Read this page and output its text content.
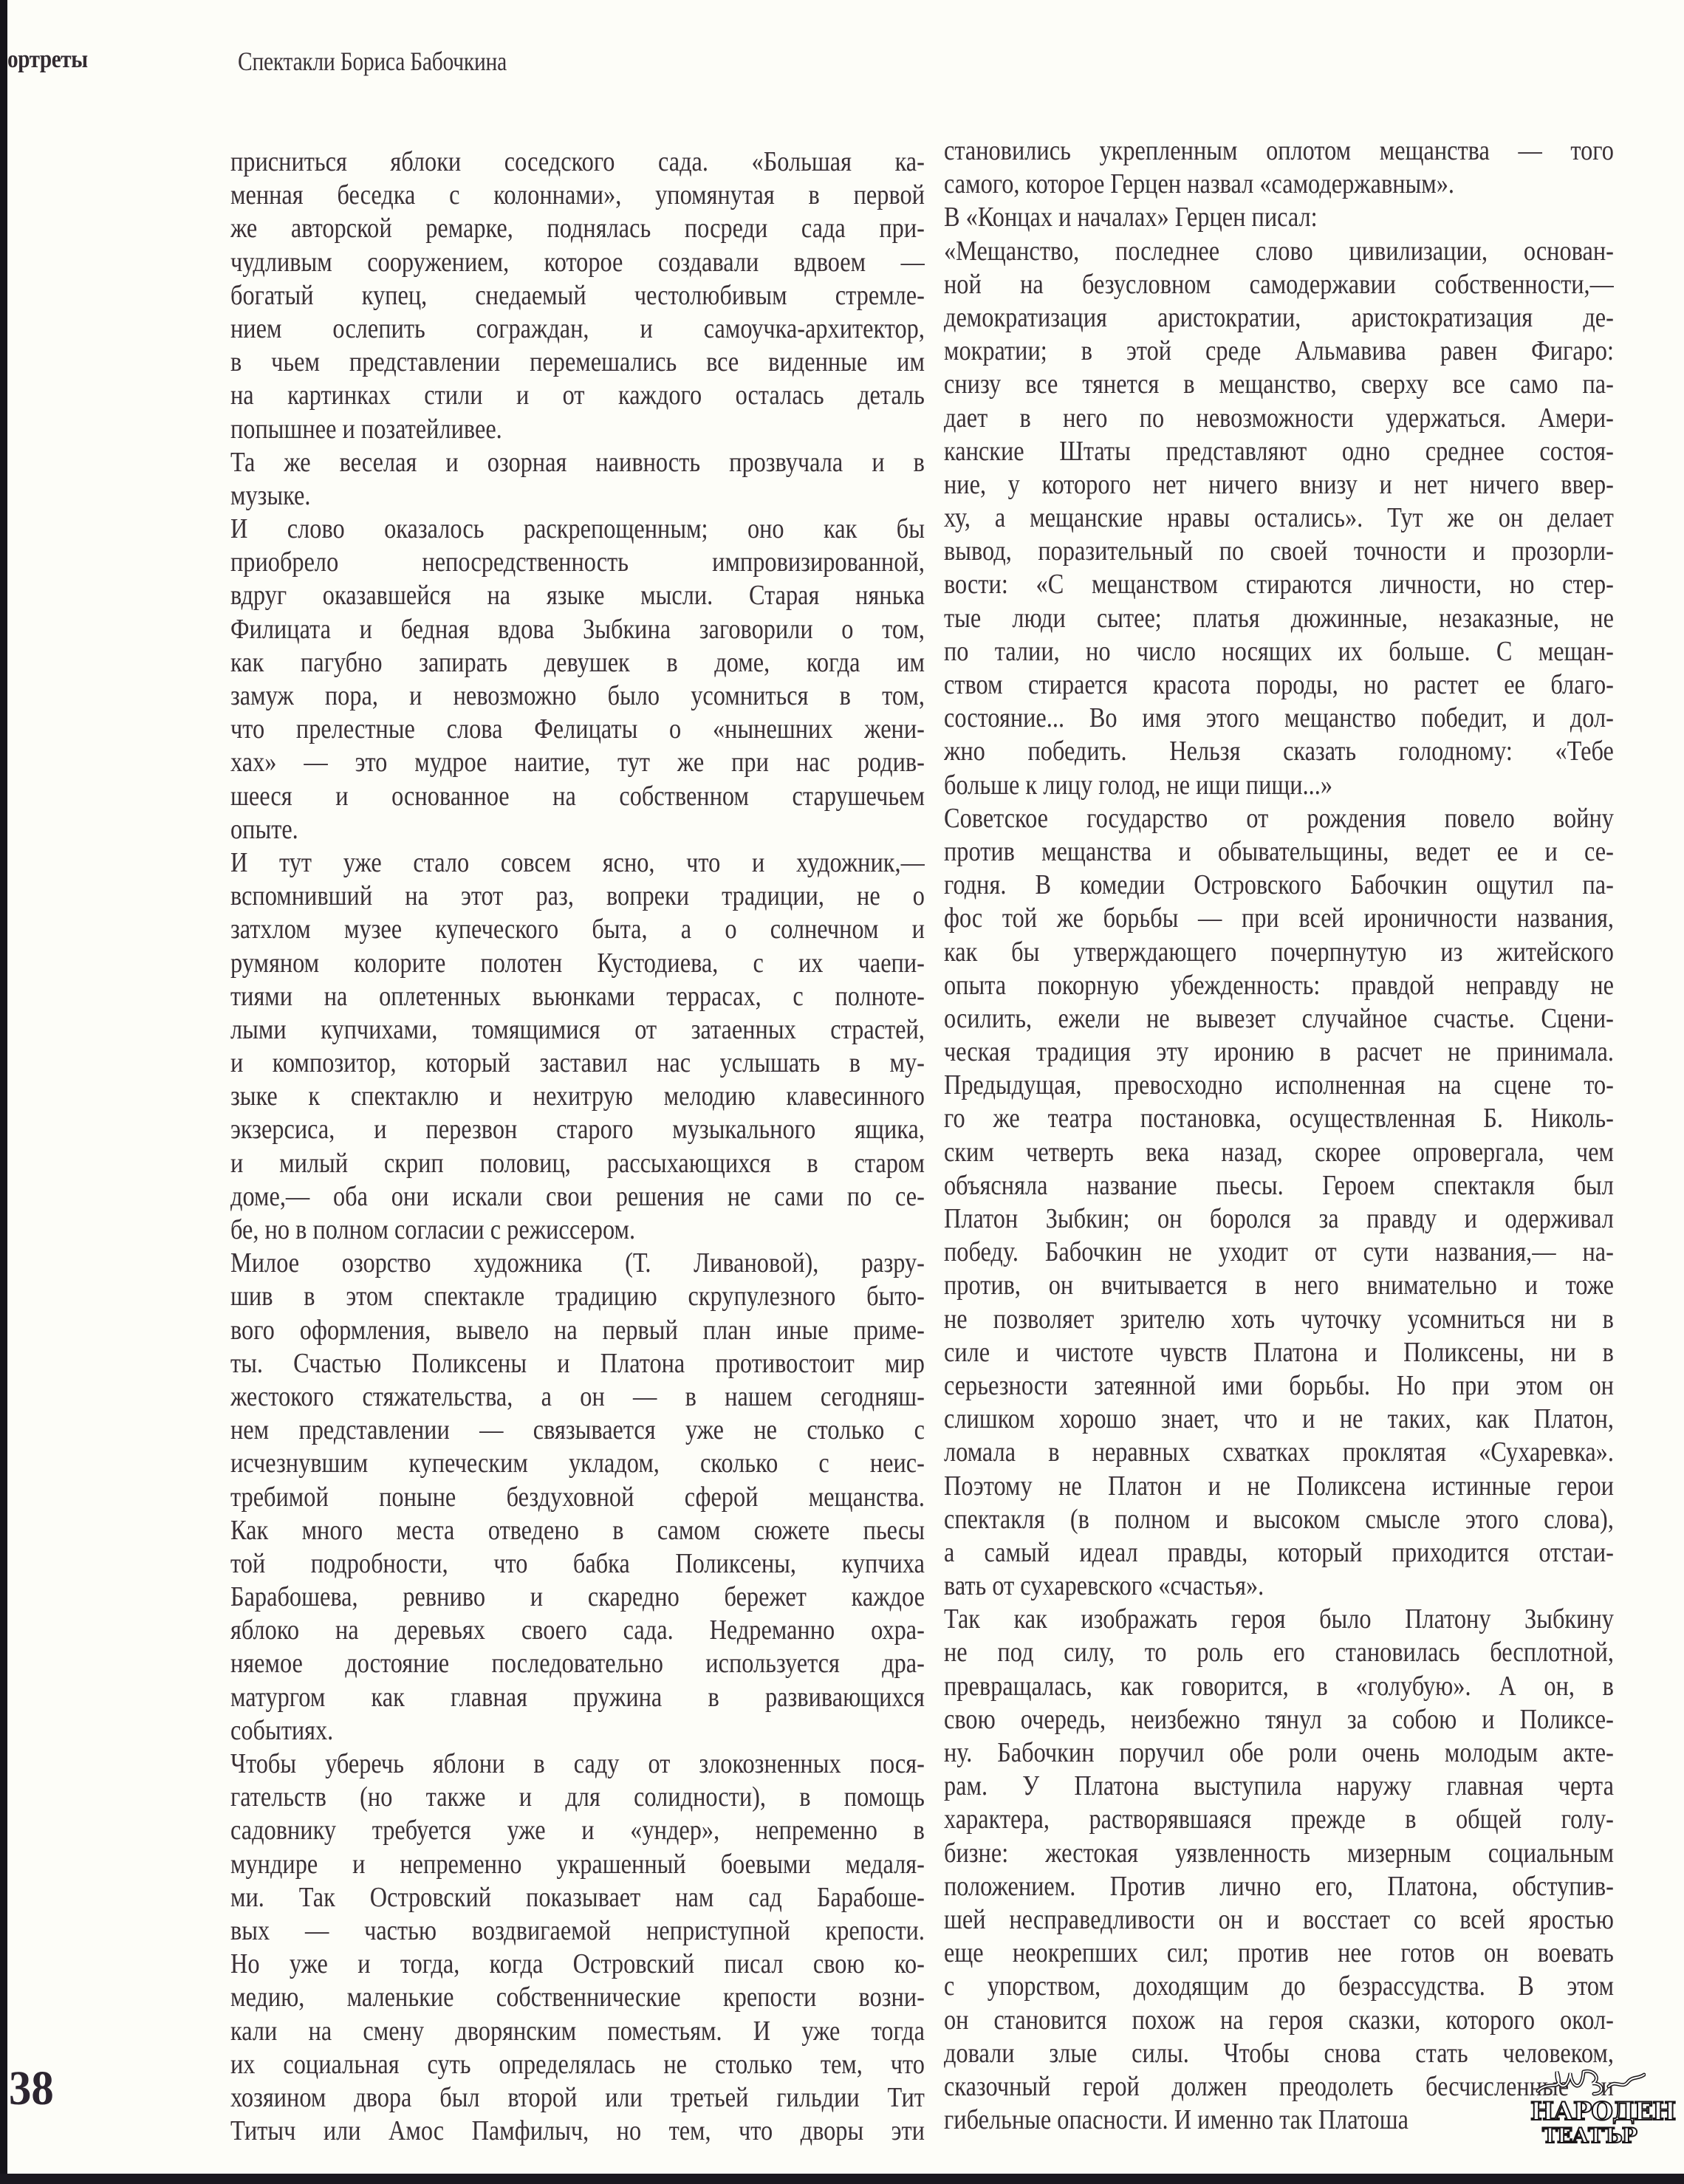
ортреты	Спектакли Бориса Бабочкина
присниться яблоки соседского сада. «Большая ка-
менная беседка с колоннами», упомянутая в первой
же авторской ремарке, поднялась посреди сада при-
чудливым сооружением, которое создавали вдвоем —
богатый купец, снедаемый честолюбивым стремле-
нием ослепить сограждан, и самоучка-архитектор,
в чьем представлении перемешались все виденные им
на картинках стили и от каждого осталась деталь
попышнее и позатейливее.
Та же веселая и озорная наивность прозвучала и в
музыке.
И слово оказалось раскрепощенным; оно как бы
приобрело непосредственность импровизированной,
вдруг оказавшейся на языке мысли. Старая нянька
Филицата и бедная вдова Зыбкина заговорили о том,
как пагубно запирать девушек в доме, когда им
замуж пора, и невозможно было усомниться в том,
что прелестные слова Фелицаты о «нынешних жени-
хах» — это мудрое наитие, тут же при нас родив-
шееся и основанное на собственном старушечьем
опыте.
И тут уже стало совсем ясно, что и художник,—
вспомнивший на этот раз, вопреки традиции, не о
затхлом музее купеческого быта, а о солнечном и
румяном колорите полотен Кустодиева, с их чаепи-
тиями на оплетенных вьюнками террасах, с полноте-
лыми купчихами, томящимися от затаенных страстей,
и композитор, который заставил нас услышать в му-
зыке к спектаклю и нехитрую мелодию клавесинного
экзерсиса, и перезвон старого музыкального ящика,
и милый скрип половиц, рассыхающихся в старом
доме,— оба они искали свои решения не сами по се-
бе, но в полном согласии с режиссером.
Милое озорство художника (Т. Ливановой), разру-
шив в этом спектакле традицию скрупулезного быто-
вого оформления, вывело на первый план иные приме-
ты. Счастью Поликсены и Платона противостоит мир
жестокого стяжательства, а он — в нашем сегодняш-
нем представлении — связывается уже не столько с
исчезнувшим купеческим укладом, сколько с неис-
требимой поныне бездуховной сферой мещанства.
Как много места отведено в самом сюжете пьесы
той подробности, что бабка Поликсены, купчиха
Барабошева, ревниво и скаредно бережет каждое
яблоко на деревьях своего сада. Недреманно охра-
няемое достояние последовательно используется дра-
матургом как главная пружина в развивающихся
событиях.
Чтобы уберечь яблони в саду от злокозненных пося-
гательств (но также и для солидности), в помощь
садовнику требуется уже и «ундер», непременно в
мундире и непременно украшенный боевыми медаля-
ми. Так Островский показывает нам сад Барабоше-
вых — частью воздвигаемой неприступной крепости.
Но уже и тогда, когда Островский писал свою ко-
медию, маленькие собственнические крепости возни-
кали на смену дворянским поместьям. И уже тогда
их социальная суть определялась не столько тем, что
хозяином двора был второй или третьей гильдии Тит
Титыч или Амос Памфилыч, но тем, что дворы эти
становились укрепленным оплотом мещанства — того
самого, которое Герцен назвал «самодержавным».
В «Концах и началах» Герцен писал:
«Мещанство, последнее слово цивилизации, основан-
ной на безусловном самодержавии собственности,—
демократизация аристократии, аристократизация де-
мократии; в этой среде Альмавива равен Фигаро:
снизу все тянется в мещанство, сверху все само па-
дает в него по невозможности удержаться. Амери-
канские Штаты представляют одно среднее состоя-
ние, у которого нет ничего внизу и нет ничего ввер-
ху, а мещанские нравы остались». Тут же он делает
вывод, поразительный по своей точности и прозорли-
вости: «С мещанством стираются личности, но стер-
тые люди сытее; платья дюжинные, незаказные, не
по талии, но число носящих их больше. С мещан-
ством стирается красота породы, но растет ее благо-
состояние... Во имя этого мещанство победит, и дол-
жно победить. Нельзя сказать голодному: «Тебе
больше к лицу голод, не ищи пищи...»
Советское государство от рождения повело войну
против мещанства и обывательщины, ведет ее и се-
годня. В комедии Островского Бабочкин ощутил па-
фос той же борьбы — при всей ироничности названия,
как бы утверждающего почерпнутую из житейского
опыта покорную убежденность: правдой неправду не
осилить, ежели не вывезет случайное счастье. Сцени-
ческая традиция эту иронию в расчет не принимала.
Предыдущая, превосходно исполненная на сцене то-
го же театра постановка, осуществленная Б. Николь-
ским четверть века назад, скорее опровергала, чем
объясняла название пьесы. Героем спектакля был
Платон Зыбкин; он боролся за правду и одерживал
победу. Бабочкин не уходит от сути названия,— на-
против, он вчитывается в него внимательно и тоже
не позволяет зрителю хоть чуточку усомниться ни в
силе и чистоте чувств Платона и Поликсены, ни в
серьезности затеянной ими борьбы. Но при этом он
слишком хорошо знает, что и не таких, как Платон,
ломала в неравных схватках проклятая «Сухаревка».
Поэтому не Платон и не Поликсена истинные герои
спектакля (в полном и высоком смысле этого слова),
а самый идеал правды, который приходится отстаи-
вать от сухаревского «счастья».
Так как изображать героя было Платону Зыбкину
не под силу, то роль его становилась бесплотной,
превращалась, как говорится, в «голубую». А он, в
свою очередь, неизбежно тянул за собою и Поликсе-
ну. Бабочкин поручил обе роли очень молодым акте-
рам. У Платона выступила наружу главная черта
характера, растворявшаяся прежде в общей голу-
бизне: жестокая уязвленность мизерным социальным
положением. Против лично его, Платона, обступив-
шей несправедливости он и восстает со всей яростью
еще неокрепших сил; против нее готов он воевать
с упорством, доходящим до безрассудства. В этом
он становится похож на героя сказки, которого окол-
довали злые силы. Чтобы снова стать человеком,
сказочный герой должен преодолеть бесчисленные и
гибельные опасности. И именно так Платоша
38	НАРОДЕН
ТЕАТЪР
